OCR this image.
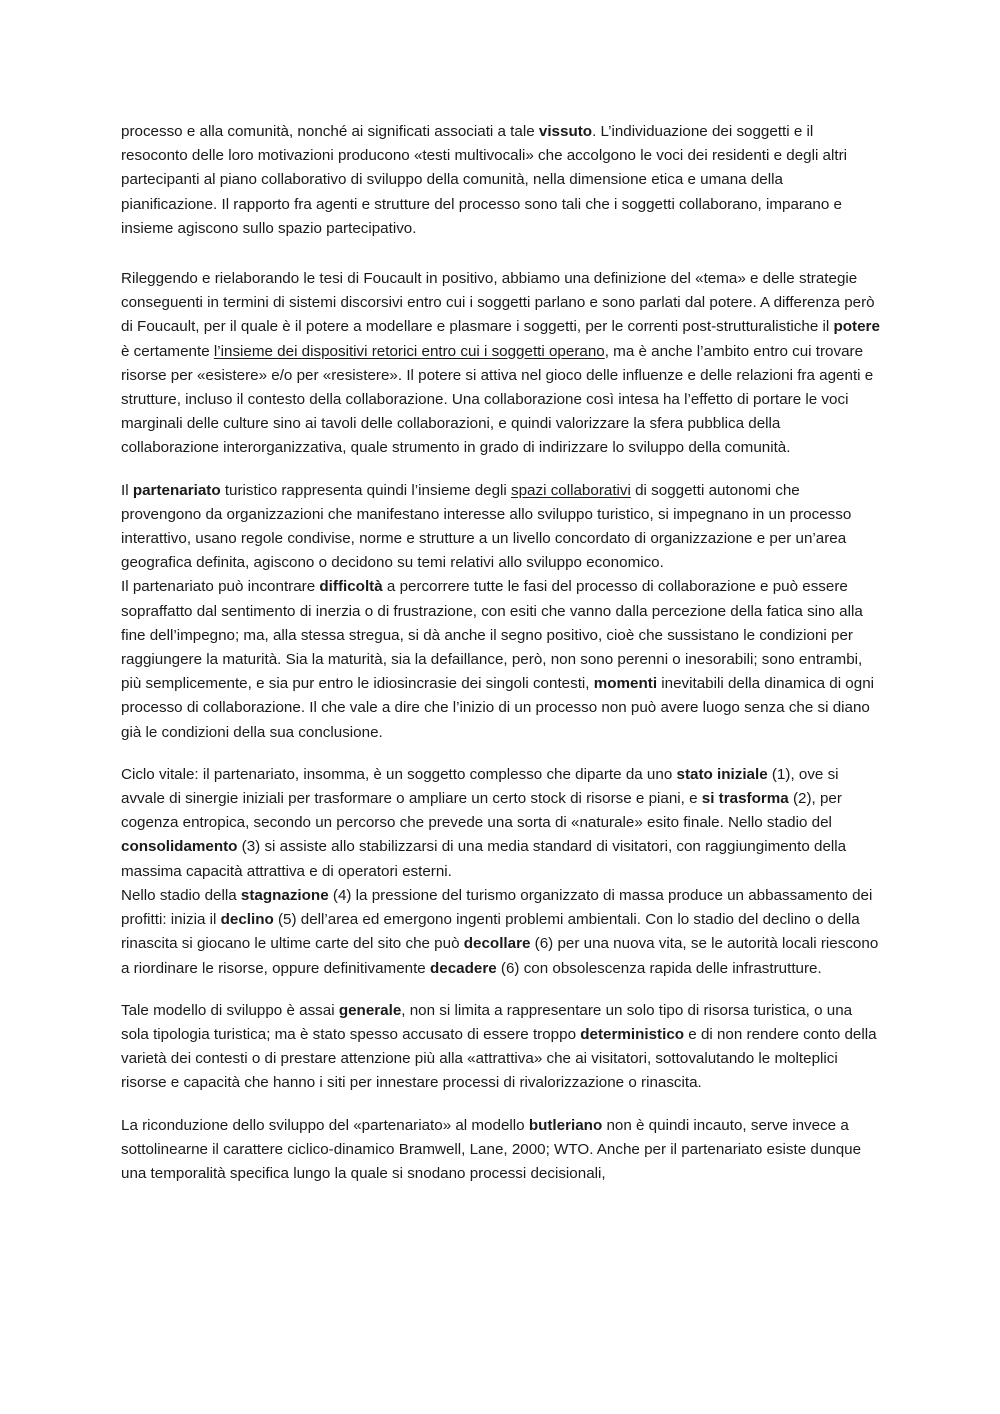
processo e alla comunità, nonché ai significati associati a tale vissuto. L’individuazione dei soggetti e il resoconto delle loro motivazioni producono «testi multivocali» che accolgono le voci dei residenti e degli altri partecipanti al piano collaborativo di sviluppo della comunità, nella dimensione etica e umana della pianificazione. Il rapporto fra agenti e strutture del processo sono tali che i soggetti collaborano, imparano e insieme agiscono sullo spazio partecipativo.

Rileggendo e rielaborando le tesi di Foucault in positivo, abbiamo una definizione del «tema» e delle strategie conseguenti in termini di sistemi discorsivi entro cui i soggetti parlano e sono parlati dal potere. A differenza però di Foucault, per il quale è il potere a modellare e plasmare i soggetti, per le correnti post-strutturalistiche il potere è certamente l’insieme dei dispositivi retorici entro cui i soggetti operano, ma è anche l’ambito entro cui trovare risorse per «esistere» e/o per «resistere». Il potere si attiva nel gioco delle influenze e delle relazioni fra agenti e strutture, incluso il contesto della collaborazione. Una collaborazione così intesa ha l’effetto di portare le voci marginali delle culture sino ai tavoli delle collaborazioni, e quindi valorizzare la sfera pubblica della collaborazione interorganizzativa, quale strumento in grado di indirizzare lo sviluppo della comunità.

Il partenariato turistico rappresenta quindi l’insieme degli spazi collaborativi di soggetti autonomi che provengono da organizzazioni che manifestano interesse allo sviluppo turistico, si impegnano in un processo interattivo, usano regole condivise, norme e strutture a un livello concordato di organizzazione e per un’area geografica definita, agiscono o decidono su temi relativi allo sviluppo economico.

Il partenariato può incontrare difficoltà a percorrere tutte le fasi del processo di collaborazione e può essere sopraffatto dal sentimento di inerzia o di frustrazione, con esiti che vanno dalla percezione della fatica sino alla fine dell’impegno; ma, alla stessa stregua, si dà anche il segno positivo, cioè che sussistano le condizioni per raggiungere la maturità. Sia la maturità, sia la defaillance, però, non sono perenni o inesorabili; sono entrambi, più semplicemente, e sia pur entro le idiosincrasie dei singoli contesti, momenti inevitabili della dinamica di ogni processo di collaborazione. Il che vale a dire che l’inizio di un processo non può avere luogo senza che si diano già le condizioni della sua conclusione.

Ciclo vitale: il partenariato, insomma, è un soggetto complesso che diparte da uno stato iniziale (1), ove si avvale di sinergie iniziali per trasformare o ampliare un certo stock di risorse e piani, e si trasforma (2), per cogenza entropica, secondo un percorso che prevede una sorta di «naturale» esito finale. Nello stadio del consolidamento (3) si assiste allo stabilizzarsi di una media standard di visitatori, con raggiungimento della massima capacità attrattiva e di operatori esterni.

Nello stadio della stagnazione (4) la pressione del turismo organizzato di massa produce un abbassamento dei profitti: inizia il declino (5) dell’area ed emergono ingenti problemi ambientali. Con lo stadio del declino o della rinascita si giocano le ultime carte del sito che può decollare (6) per una nuova vita, se le autorità locali riescono a riordinare le risorse, oppure definitivamente decadere (6) con obsolescenza rapida delle infrastrutture.

Tale modello di sviluppo è assai generale, non si limita a rappresentare un solo tipo di risorsa turistica, o una sola tipologia turistica; ma è stato spesso accusato di essere troppo deterministico e di non rendere conto della varietà dei contesti o di prestare attenzione più alla «attrattiva» che ai visitatori, sottovalutando le molteplici risorse e capacità che hanno i siti per innestare processi di rivalorizzazione o rinascita.

La riconduzione dello sviluppo del «partenariato» al modello butleriano non è quindi incauto, serve invece a sottolinearne il carattere ciclico-dinamico Bramwell, Lane, 2000; WTO. Anche per il partenariato esiste dunque una temporalità specifica lungo la quale si snodano processi decisionali,
